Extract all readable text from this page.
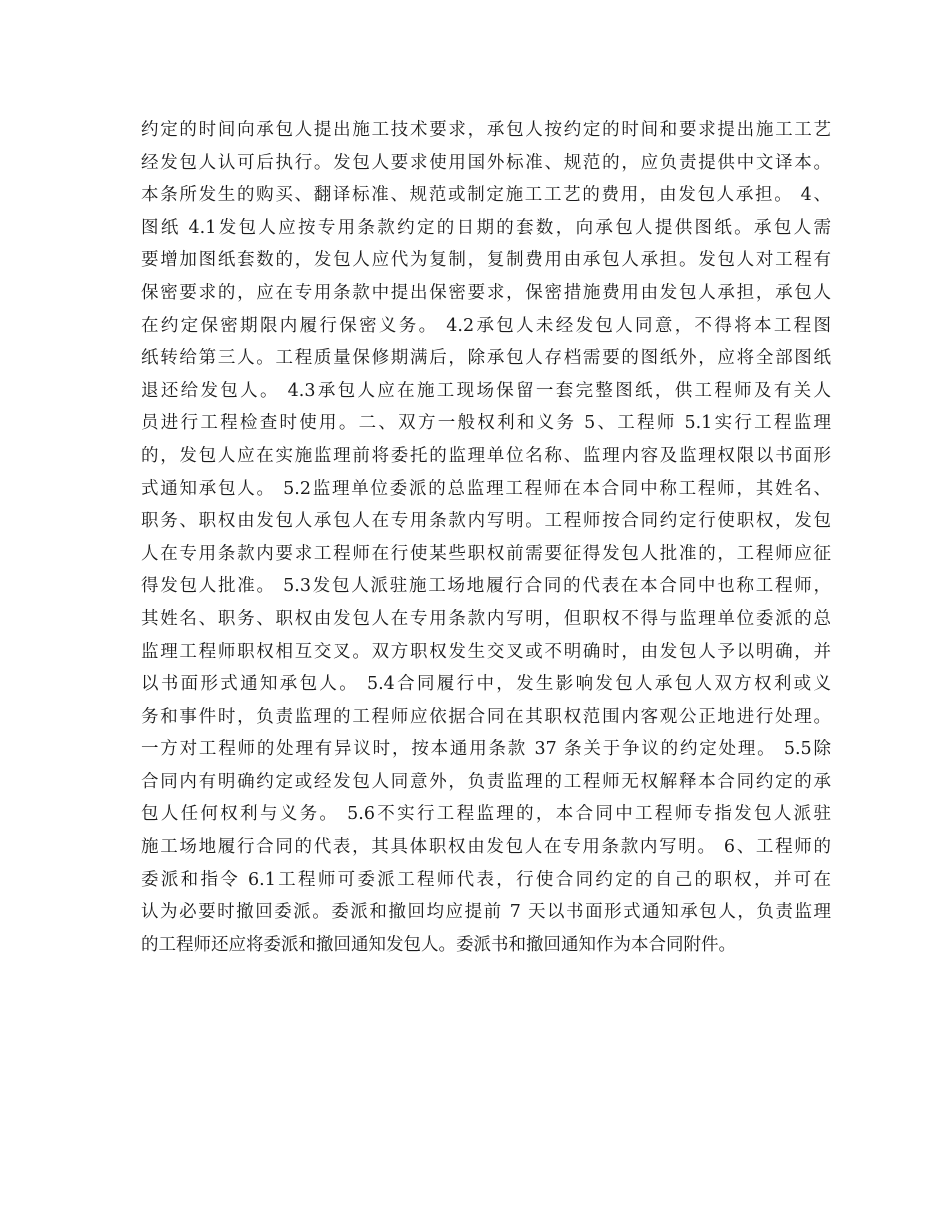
约定的时间向承包人提出施工技术要求，承包人按约定的时间和要求提出施工工艺
经发包人认可后执行。发包人要求使用国外标准、规范的，应负责提供中文译本。
本条所发生的购买、翻译标准、规范或制定施工工艺的费用，由发包人承担。 4、
图纸 4.1发包人应按专用条款约定的日期的套数，向承包人提供图纸。承包人需
要增加图纸套数的，发包人应代为复制，复制费用由承包人承担。发包人对工程有
保密要求的，应在专用条款中提出保密要求，保密措施费用由发包人承担，承包人
在约定保密期限内履行保密义务。 4.2承包人未经发包人同意，不得将本工程图
纸转给第三人。工程质量保修期满后，除承包人存档需要的图纸外，应将全部图纸
退还给发包人。 4.3承包人应在施工现场保留一套完整图纸，供工程师及有关人
员进行工程检查时使用。二、双方一般权利和义务 5、工程师 5.1实行工程监理
的，发包人应在实施监理前将委托的监理单位名称、监理内容及监理权限以书面形
式通知承包人。 5.2监理单位委派的总监理工程师在本合同中称工程师，其姓名、
职务、职权由发包人承包人在专用条款内写明。工程师按合同约定行使职权，发包
人在专用条款内要求工程师在行使某些职权前需要征得发包人批准的，工程师应征
得发包人批准。 5.3发包人派驻施工场地履行合同的代表在本合同中也称工程师，
其姓名、职务、职权由发包人在专用条款内写明，但职权不得与监理单位委派的总
监理工程师职权相互交叉。双方职权发生交叉或不明确时，由发包人予以明确，并
以书面形式通知承包人。 5.4合同履行中，发生影响发包人承包人双方权利或义
务和事件时，负责监理的工程师应依据合同在其职权范围内客观公正地进行处理。
一方对工程师的处理有异议时，按本通用条款 37 条关于争议的约定处理。 5.5除
合同内有明确约定或经发包人同意外，负责监理的工程师无权解释本合同约定的承
包人任何权利与义务。 5.6不实行工程监理的，本合同中工程师专指发包人派驻
施工场地履行合同的代表，其具体职权由发包人在专用条款内写明。 6、工程师的
委派和指令 6.1工程师可委派工程师代表，行使合同约定的自己的职权，并可在
认为必要时撤回委派。委派和撤回均应提前 7 天以书面形式通知承包人，负责监理
的工程师还应将委派和撤回通知发包人。委派书和撤回通知作为本合同附件。
